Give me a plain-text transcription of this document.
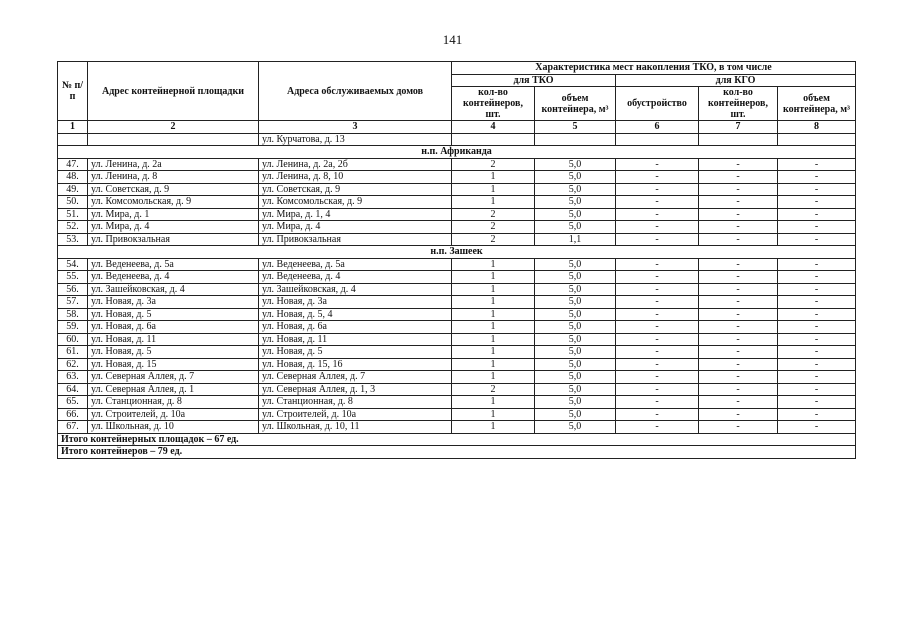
141
№ п/п	Адрес контейнерной площадки	Адреса обслуживаемых домов	Характеристика мест накопления ТКО, в том числе				
			для ТКО		для КГО		
			кол-во контейнеров, шт.	объем контейнера, м³	обустройство	кол-во контейнеров, шт.	объем контейнера, м³
1	2	3	4	5	6	7	8
		ул. Курчатова, д. 13					
н.п. Африканда							
47.	ул. Ленина, д. 2а	ул. Ленина, д. 2а, 2б	2	5,0	-	-	-
48.	ул. Ленина, д. 8	ул. Ленина, д. 8, 10	1	5,0	-	-	-
49.	ул. Советская, д. 9	ул. Советская, д. 9	1	5,0	-	-	-
50.	ул. Комсомольская, д. 9	ул. Комсомольская, д. 9	1	5,0	-	-	-
51.	ул. Мира, д. 1	ул. Мира, д. 1, 4	2	5,0	-	-	-
52.	ул. Мира, д. 4	ул. Мира, д. 4	2	5,0	-	-	-
53.	ул. Привокзальная	ул. Привокзальная	2	1,1	-	-	-
н.п. Зашеек							
54.	ул. Веденеева, д. 5а	ул. Веденеева, д. 5а	1	5,0	-	-	-
55.	ул. Веденеева, д. 4	ул. Веденеева, д. 4	1	5,0	-	-	-
56.	ул. Зашейковская, д. 4	ул. Зашейковская, д. 4	1	5,0	-	-	-
57.	ул. Новая, д. 3а	ул. Новая, д. 3а	1	5,0	-	-	-
58.	ул. Новая, д. 5	ул. Новая, д. 5, 4	1	5,0	-	-	-
59.	ул. Новая, д. 6а	ул. Новая, д. 6а	1	5,0	-	-	-
60.	ул. Новая, д. 11	ул. Новая, д. 11	1	5,0	-	-	-
61.	ул. Новая, д. 5	ул. Новая, д. 5	1	5,0	-	-	-
62.	ул. Новая, д. 15	ул. Новая, д. 15, 16	1	5,0	-	-	-
63.	ул. Северная Аллея, д. 7	ул. Северная Аллея, д. 7	1	5,0	-	-	-
64.	ул. Северная Аллея, д. 1	ул. Северная Аллея, д. 1, 3	2	5,0	-	-	-
65.	ул. Станционная, д. 8	ул. Станционная, д. 8	1	5,0	-	-	-
66.	ул. Строителей, д. 10а	ул. Строителей, д. 10а	1	5,0	-	-	-
67.	ул. Школьная, д. 10	ул. Школьная, д. 10, 11	1	5,0	-	-	-
Итого контейнерных площадок – 67 ед.							
Итого контейнеров – 79 ед.							
